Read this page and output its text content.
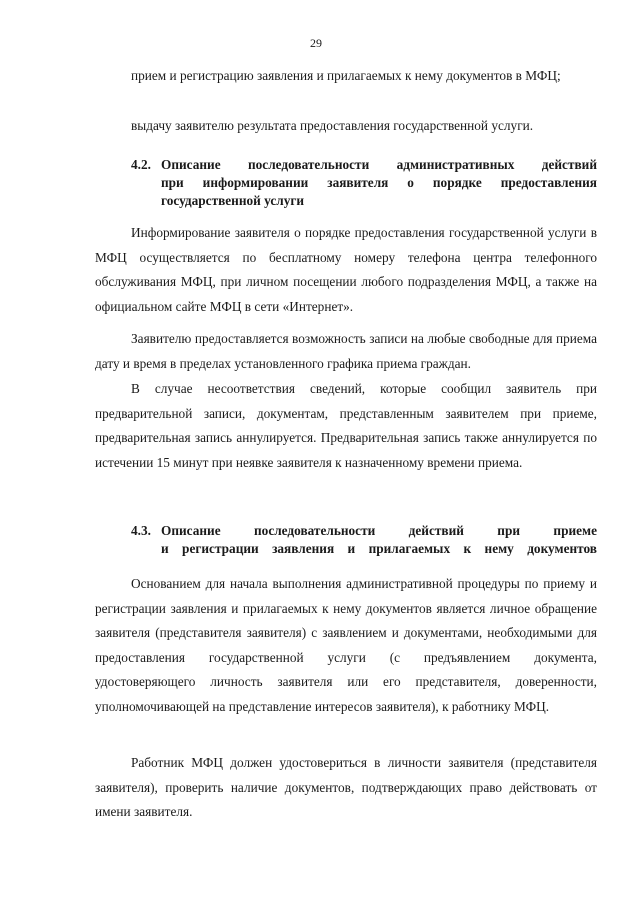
29

прием и регистрацию заявления и прилагаемых к нему документов в МФЦ;

выдачу заявителю результата предоставления государственной услуги.

4.2. Описание последовательности административных действий
при информировании заявителя о порядке предоставления
государственной услуги

Информирование заявителя о порядке предоставления государственной услуги в МФЦ осуществляется по бесплатному номеру телефона центра телефонного обслуживания МФЦ, при личном посещении любого подразделения МФЦ, а также на официальном сайте МФЦ в сети «Интернет».

Заявителю предоставляется возможность записи на любые свободные для приема дату и время в пределах установленного графика приема граждан.

В случае несоответствия сведений, которые сообщил заявитель при предварительной записи, документам, представленным заявителем при приеме, предварительная запись аннулируется. Предварительная запись также аннулируется по истечении 15 минут при неявке заявителя к назначенному времени приема.

4.3. Описание последовательности действий при приеме
и регистрации заявления и прилагаемых к нему документов

Основанием для начала выполнения административной процедуры по приему и регистрации заявления и прилагаемых к нему документов является личное обращение заявителя (представителя заявителя) с заявлением и документами, необходимыми для предоставления государственной услуги (с предъявлением документа, удостоверяющего личность заявителя или его представителя, доверенности, уполномочивающей на представление интересов заявителя), к работнику МФЦ.

Работник МФЦ должен удостовериться в личности заявителя (представителя заявителя), проверить наличие документов, подтверждающих право действовать от имени заявителя.
